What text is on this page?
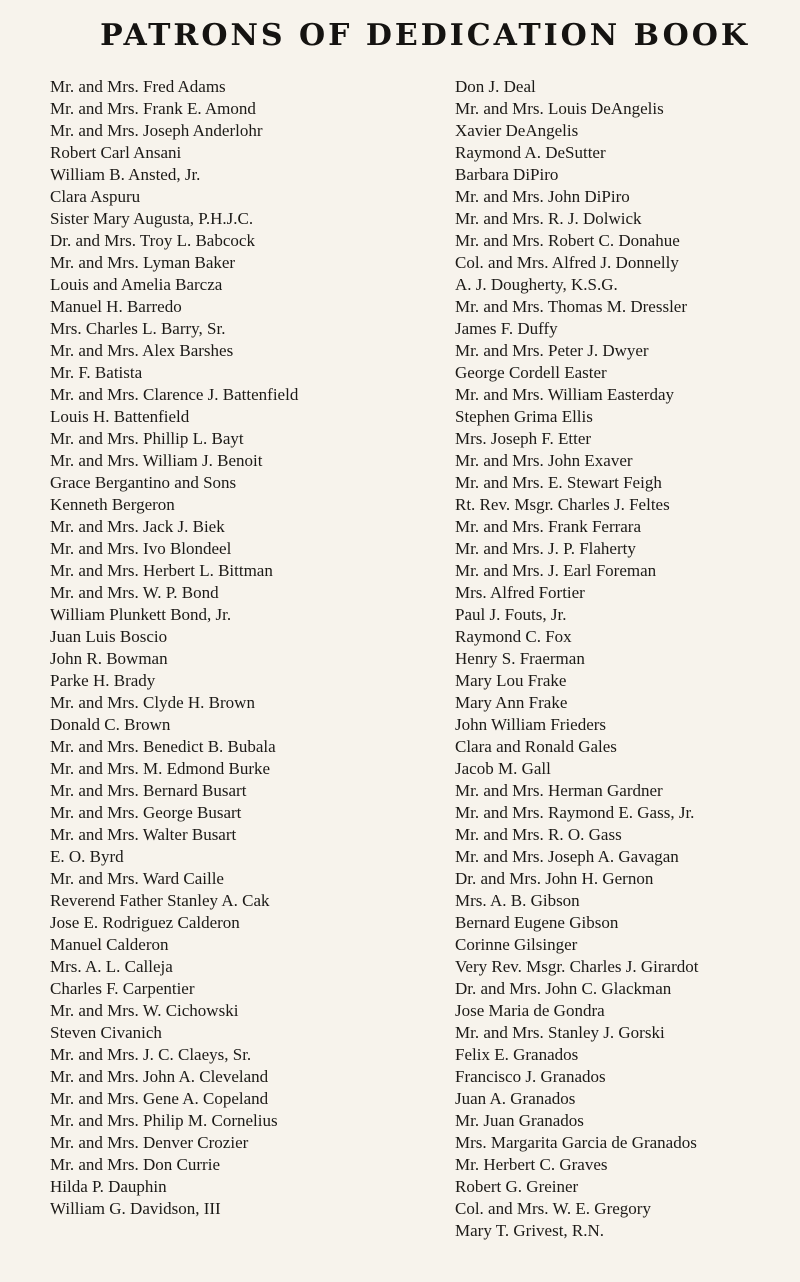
PATRONS OF DEDICATION BOOK
Mr. and Mrs. Fred Adams
Mr. and Mrs. Frank E. Amond
Mr. and Mrs. Joseph Anderlohr
Robert Carl Ansani
William B. Ansted, Jr.
Clara Aspuru
Sister Mary Augusta, P.H.J.C.
Dr. and Mrs. Troy L. Babcock
Mr. and Mrs. Lyman Baker
Louis and Amelia Barcza
Manuel H. Barredo
Mrs. Charles L. Barry, Sr.
Mr. and Mrs. Alex Barshes
Mr. F. Batista
Mr. and Mrs. Clarence J. Battenfield
Louis H. Battenfield
Mr. and Mrs. Phillip L. Bayt
Mr. and Mrs. William J. Benoit
Grace Bergantino and Sons
Kenneth Bergeron
Mr. and Mrs. Jack J. Biek
Mr. and Mrs. Ivo Blondeel
Mr. and Mrs. Herbert L. Bittman
Mr. and Mrs. W. P. Bond
William Plunkett Bond, Jr.
Juan Luis Boscio
John R. Bowman
Parke H. Brady
Mr. and Mrs. Clyde H. Brown
Donald C. Brown
Mr. and Mrs. Benedict B. Bubala
Mr. and Mrs. M. Edmond Burke
Mr. and Mrs. Bernard Busart
Mr. and Mrs. George Busart
Mr. and Mrs. Walter Busart
E. O. Byrd
Mr. and Mrs. Ward Caille
Reverend Father Stanley A. Cak
Jose E. Rodriguez Calderon
Manuel Calderon
Mrs. A. L. Calleja
Charles F. Carpentier
Mr. and Mrs. W. Cichowski
Steven Civanich
Mr. and Mrs. J. C. Claeys, Sr.
Mr. and Mrs. John A. Cleveland
Mr. and Mrs. Gene A. Copeland
Mr. and Mrs. Philip M. Cornelius
Mr. and Mrs. Denver Crozier
Mr. and Mrs. Don Currie
Hilda P. Dauphin
William G. Davidson, III
Don J. Deal
Mr. and Mrs. Louis DeAngelis
Xavier DeAngelis
Raymond A. DeSutter
Barbara DiPiro
Mr. and Mrs. John DiPiro
Mr. and Mrs. R. J. Dolwick
Mr. and Mrs. Robert C. Donahue
Col. and Mrs. Alfred J. Donnelly
A. J. Dougherty, K.S.G.
Mr. and Mrs. Thomas M. Dressler
James F. Duffy
Mr. and Mrs. Peter J. Dwyer
George Cordell Easter
Mr. and Mrs. William Easterday
Stephen Grima Ellis
Mrs. Joseph F. Etter
Mr. and Mrs. John Exaver
Mr. and Mrs. E. Stewart Feigh
Rt. Rev. Msgr. Charles J. Feltes
Mr. and Mrs. Frank Ferrara
Mr. and Mrs. J. P. Flaherty
Mr. and Mrs. J. Earl Foreman
Mrs. Alfred Fortier
Paul J. Fouts, Jr.
Raymond C. Fox
Henry S. Fraerman
Mary Lou Frake
Mary Ann Frake
John William Frieders
Clara and Ronald Gales
Jacob M. Gall
Mr. and Mrs. Herman Gardner
Mr. and Mrs. Raymond E. Gass, Jr.
Mr. and Mrs. R. O. Gass
Mr. and Mrs. Joseph A. Gavagan
Dr. and Mrs. John H. Gernon
Mrs. A. B. Gibson
Bernard Eugene Gibson
Corinne Gilsinger
Very Rev. Msgr. Charles J. Girardot
Dr. and Mrs. John C. Glackman
Jose Maria de Gondra
Mr. and Mrs. Stanley J. Gorski
Felix E. Granados
Francisco J. Granados
Juan A. Granados
Mr. Juan Granados
Mrs. Margarita Garcia de Granados
Mr. Herbert C. Graves
Robert G. Greiner
Col. and Mrs. W. E. Gregory
Mary T. Grivest, R.N.
